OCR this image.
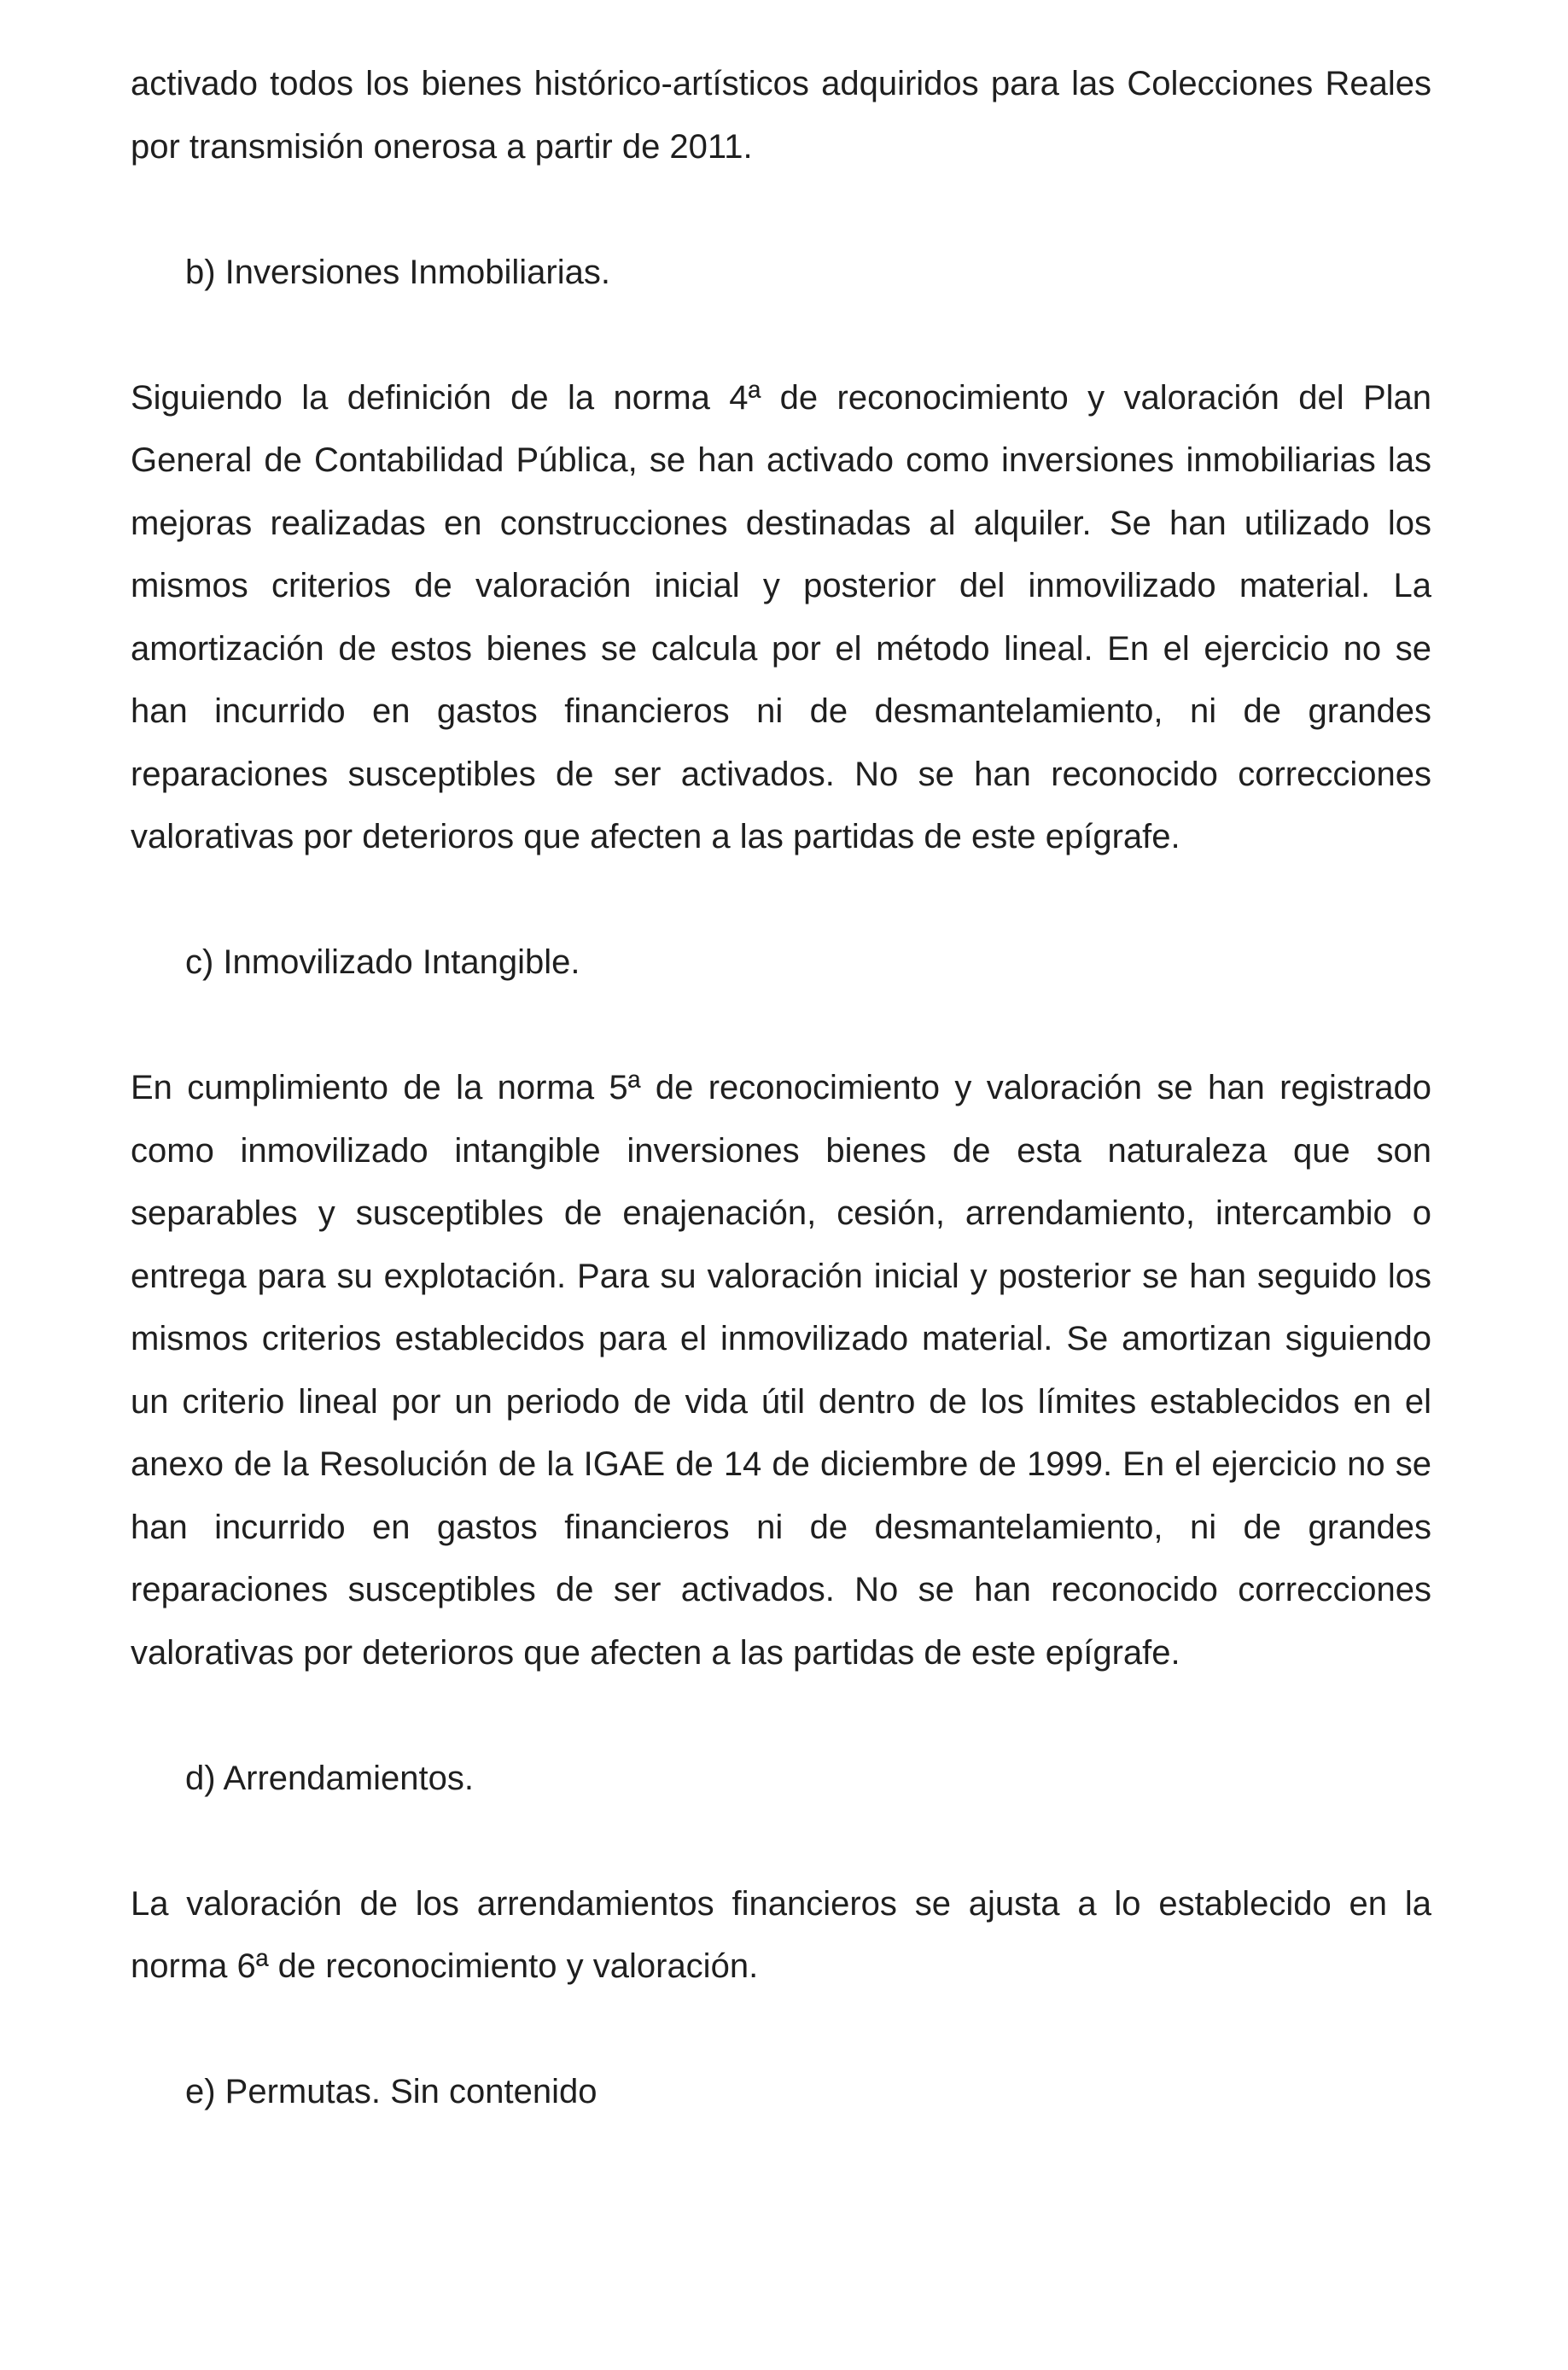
activado todos los bienes histórico-artísticos adquiridos para las Colecciones Reales por transmisión onerosa a partir de 2011.

b) Inversiones Inmobiliarias.

Siguiendo la definición de la norma 4ª de reconocimiento y valoración del Plan General de Contabilidad Pública, se han activado como inversiones inmobiliarias las mejoras realizadas en construcciones destinadas al alquiler. Se han utilizado los mismos criterios de valoración inicial y posterior del inmovilizado material. La amortización de estos bienes se calcula por el método lineal. En el ejercicio no se han incurrido en gastos financieros ni de desmantelamiento, ni de grandes reparaciones susceptibles de ser activados. No se han reconocido correcciones valorativas por deterioros que afecten a las partidas de este epígrafe.

c) Inmovilizado Intangible.

En cumplimiento de la norma 5ª de reconocimiento y valoración se han registrado como inmovilizado intangible inversiones bienes de esta naturaleza que son separables y susceptibles de enajenación, cesión, arrendamiento, intercambio o entrega para su explotación. Para su valoración inicial y posterior se han seguido los mismos criterios establecidos para el inmovilizado material. Se amortizan siguiendo un criterio lineal por un periodo de vida útil dentro de los límites establecidos en el anexo de la Resolución de la IGAE de 14 de diciembre de 1999. En el ejercicio no se han incurrido en gastos financieros ni de desmantelamiento, ni de grandes reparaciones susceptibles de ser activados. No se han reconocido correcciones valorativas por deterioros que afecten a las partidas de este epígrafe.

d) Arrendamientos.

La valoración de los arrendamientos financieros se ajusta a lo establecido en la norma 6ª de reconocimiento y valoración.

e) Permutas. Sin contenido
